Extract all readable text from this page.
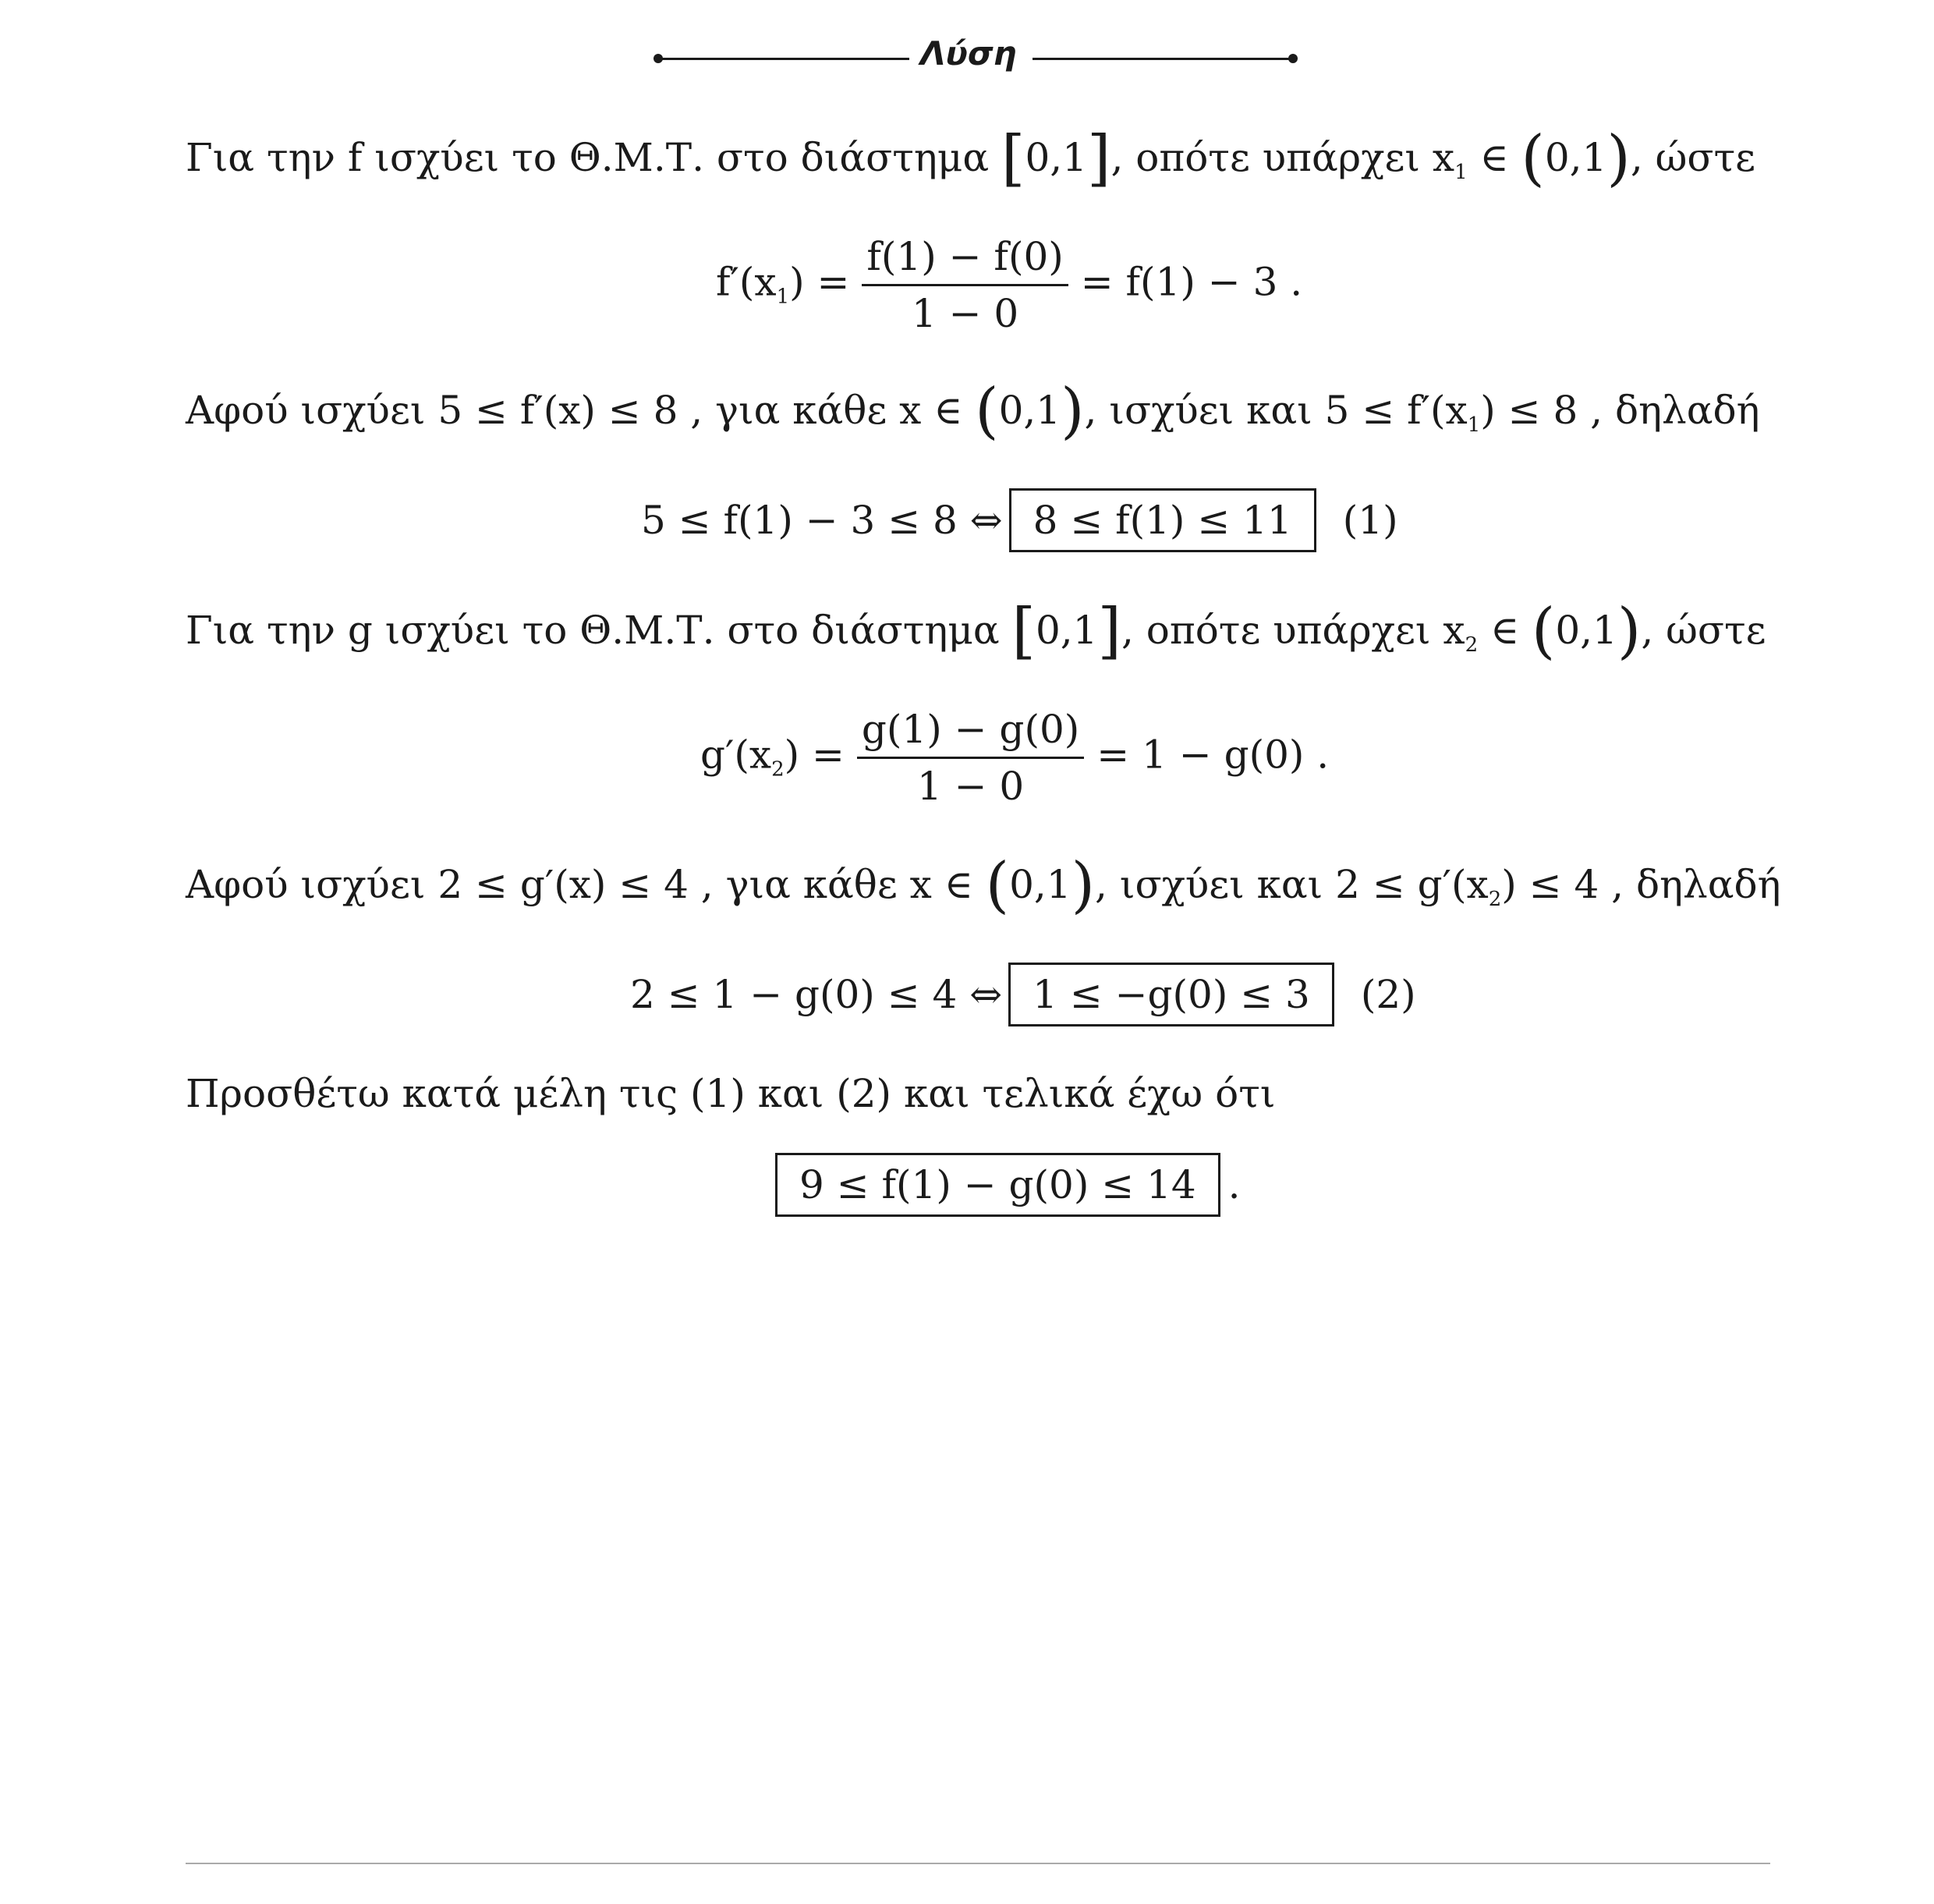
Λύση
Για την f ισχύει το Θ.Μ.Τ. στο διάστημα [0,1], οπότε υπάρχει $x_1$ ∈ (0,1), ώστε
$f'(x_1) = \frac{f(1) - f(0)}{1 - 0} = f(1) - 3$ .
Αφού ισχύει 5 ≤ f′(x) ≤ 8 , για κάθε x ∈ (0,1), ισχύει και $5 \le f'(x_1) \le 8$ , δηλαδή
5 ≤ f(1) − 3 ≤ 8 ⇔ 8 ≤ f(1) ≤ 11 (1)
Για την g ισχύει το Θ.Μ.Τ. στο διάστημα [0,1], οπότε υπάρχει $x_2$ ∈ (0,1), ώστε
$g'(x_2) = \frac{g(1) - g(0)}{1 - 0} = 1 - g(0)$ .
Αφού ισχύει 2 ≤ g′(x) ≤ 4 , για κάθε x ∈ (0,1), ισχύει και $2 \le g'(x_2) \le 4$ , δηλαδή
2 ≤ 1 − g(0) ≤ 4 ⇔ 1 ≤ −g(0) ≤ 3 (2)
Προσθέτω κατά μέλη τις (1) και (2) και τελικά έχω ότι
9 ≤ f(1) − g(0) ≤ 14 .
